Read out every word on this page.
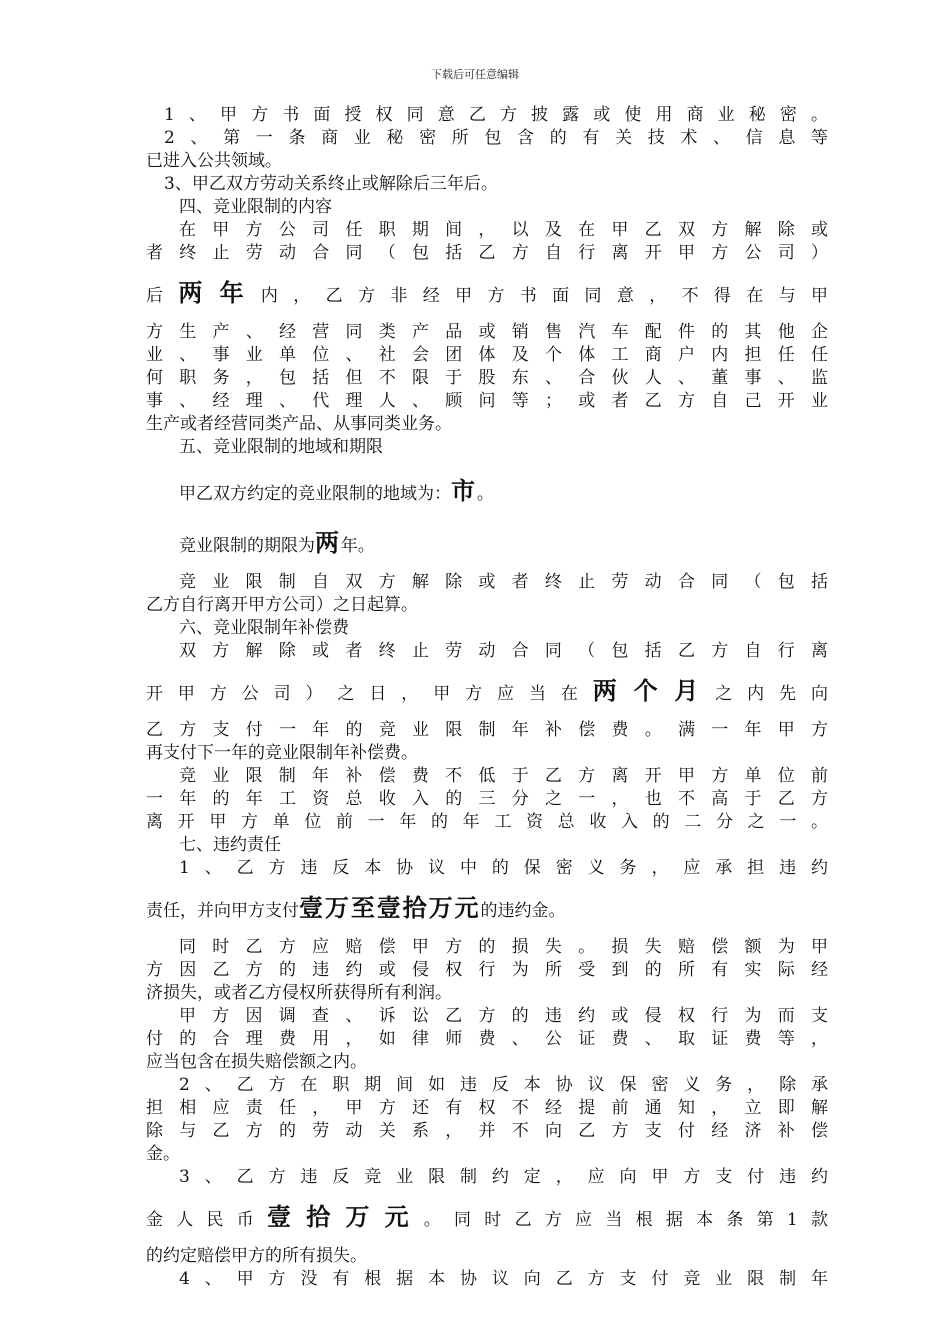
下载后可任意编辑
1、甲方书面授权同意乙方披露或使用商业秘密。
2、第一条商业秘密所包含的有关技术、信息等
已进入公共领域。
3、甲乙双方劳动关系终止或解除后三年后。
四、竞业限制的内容
在甲方公司任职期间，以及在甲乙双方解除或
者终止劳动合同（包括乙方自行离开甲方公司）
后两年内，乙方非经甲方书面同意，不得在与甲
方生产、经营同类产品或销售汽车配件的其他企
业、事业单位、社会团体及个体工商户内担任任
何职务，包括但不限于股东、合伙人、董事、监
事、经理、代理人、顾问等；或者乙方自己开业
生产或者经营同类产品、从事同类业务。
五、竞业限制的地域和期限
甲乙双方约定的竞业限制的地域为：市。
竞业限制的期限为两年。
竞业限制自双方解除或者终止劳动合同（包括
乙方自行离开甲方公司）之日起算。
六、竞业限制年补偿费
双方解除或者终止劳动合同（包括乙方自行离
开甲方公司）之日，甲方应当在两个月之内先向
乙方支付一年的竞业限制年补偿费。满一年甲方
再支付下一年的竞业限制年补偿费。
竞业限制年补偿费不低于乙方离开甲方单位前
一年的年工资总收入的三分之一，也不高于乙方
离开甲方单位前一年的年工资总收入的二分之一。
七、违约责任
1、乙方违反本协议中的保密义务，应承担违约
责任，并向甲方支付壹万至壹拾万元的违约金。
同时乙方应赔偿甲方的损失。损失赔偿额为甲
方因乙方的违约或侵权行为所受到的所有实际经
济损失，或者乙方侵权所获得所有利润。
甲方因调查、诉讼乙方的违约或侵权行为而支
付的合理费用，如律师费、公证费、取证费等，
应当包含在损失赔偿额之内。
2、乙方在职期间如违反本协议保密义务，除承
担相应责任，甲方还有权不经提前通知，立即解
除与乙方的劳动关系，并不向乙方支付经济补偿
金。
3、乙方违反竞业限制约定，应向甲方支付违约
金人民币壹拾万元。同时乙方应当根据本条第1款
的约定赔偿甲方的所有损失。
4、甲方没有根据本协议向乙方支付竞业限制年
